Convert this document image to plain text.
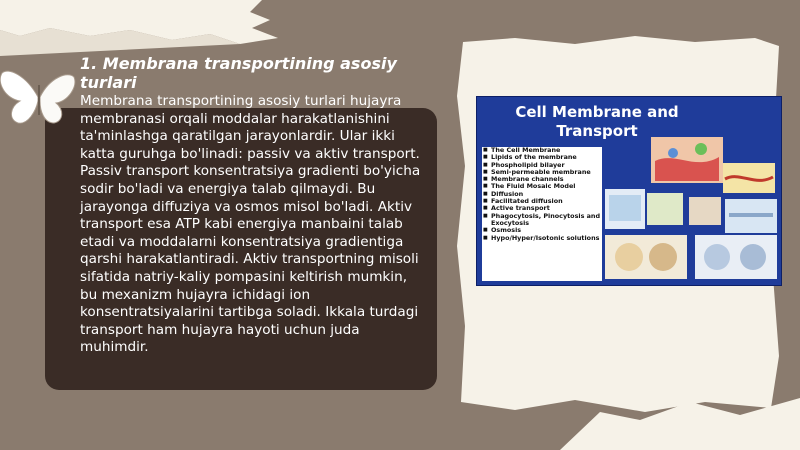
1. Membrana transportining asosiy turlari

Membrana transportining asosiy turlari hujayra membranasi orqali moddalar harakatlanishini ta'minlashga qaratilgan jarayonlardir. Ular ikki katta guruhga bo'linadi: passiv va aktiv transport. Passiv transport konsentratsiya gradienti bo'yicha sodir bo'ladi va energiya talab qilmaydi. Bu jarayonga diffuziya va osmos misol bo'ladi. Aktiv transport esa ATP kabi energiya manbaini talab etadi va moddalarni konsentratsiya gradientiga qarshi harakatlantiradi. Aktiv transportning misoli sifatida natriy-kaliy pompasini keltirish mumkin, bu mexanizm hujayra ichidagi ion konsentratsiyalarini tartibga soladi. Ikkala turdagi transport ham hujayra hayoti uchun juda muhimdir.

Cell Membrane and Transport
■ The Cell Membrane
■ Lipids of the membrane
■ Phospholipid bilayer
■ Semi-permeable membrane
■ Membrane channels
■ The Fluid Mosaic Model
■ Diffusion
■ Facilitated diffusion
■ Active transport
■ Phagocytosis, Pinocytosis and Exocytosis
■ Osmosis
■ Hypo/Hyper/Isotonic solutions
